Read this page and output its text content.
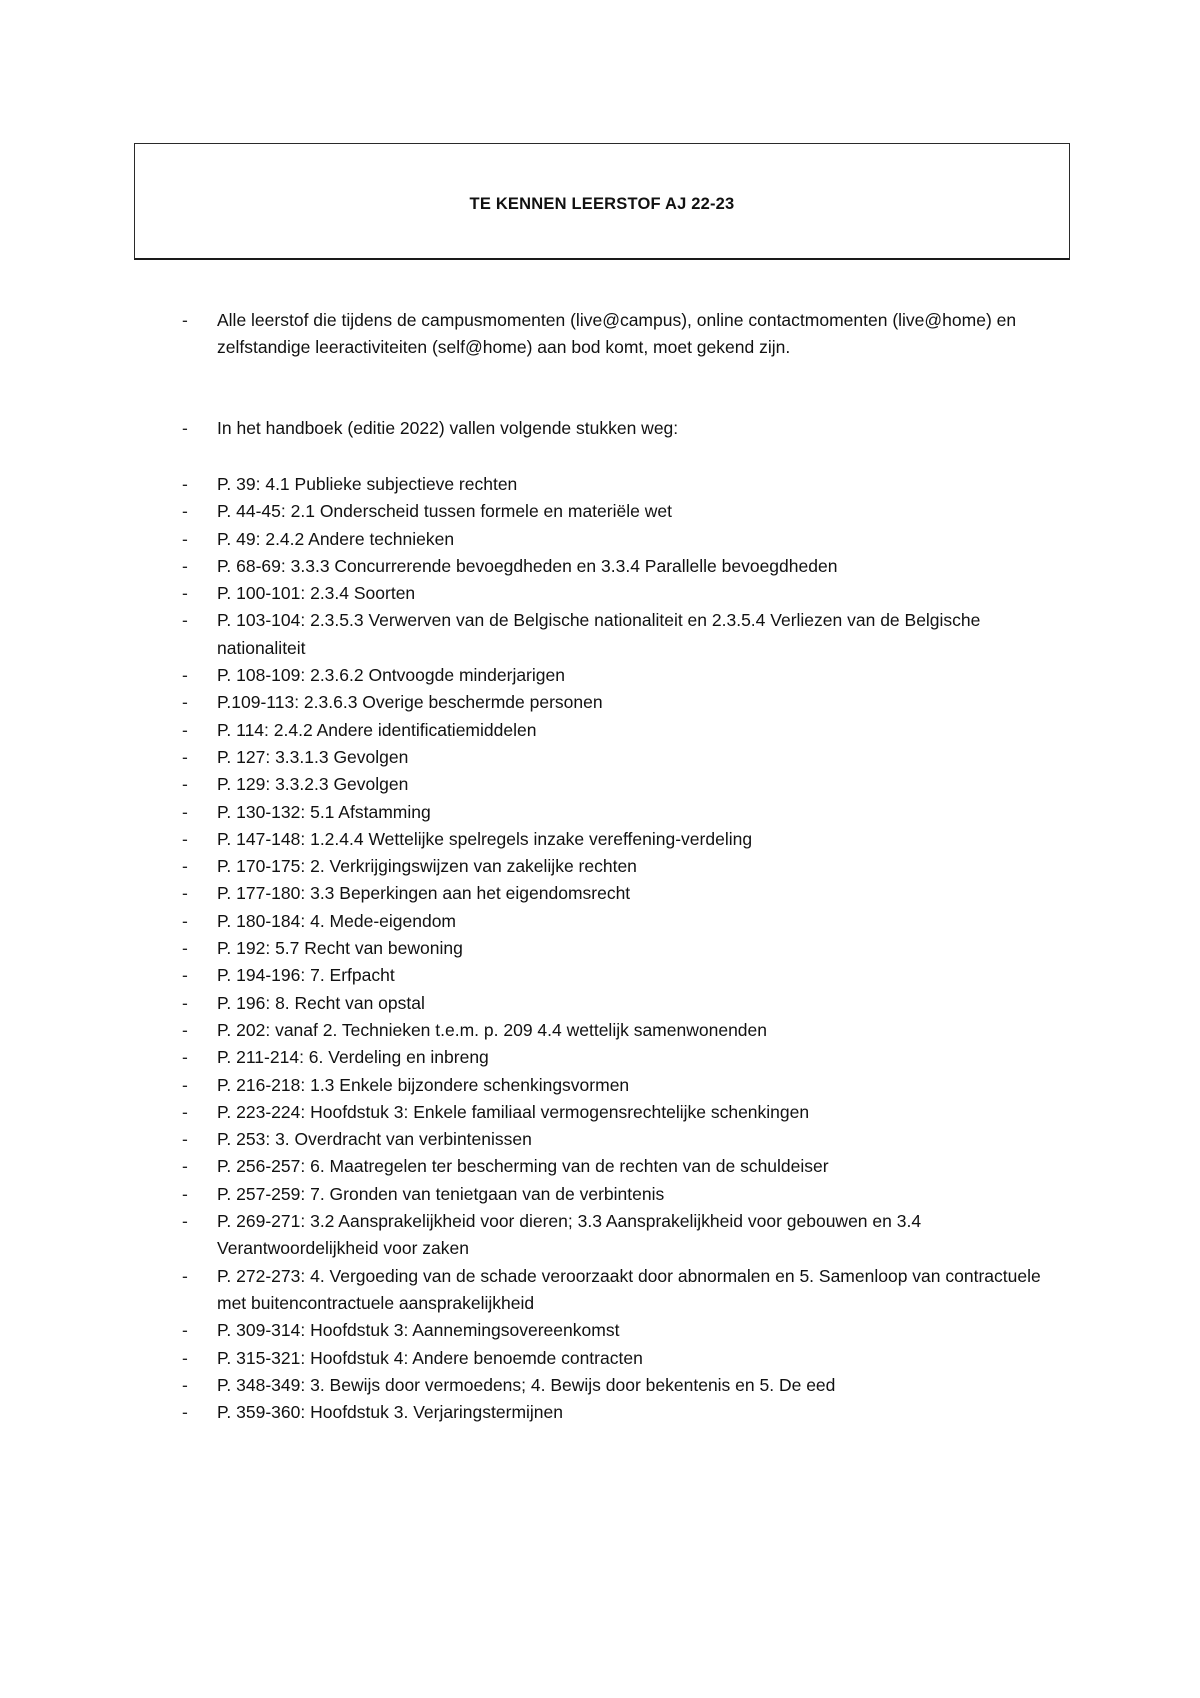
TE KENNEN LEERSTOF AJ 22-23
-	Alle leerstof die tijdens de campusmomenten (live@campus), online contactmomenten (live@home) en zelfstandige leeractiviteiten (self@home) aan bod komt, moet gekend zijn.
-	In het handboek (editie 2022) vallen volgende stukken weg:
-	P. 39: 4.1 Publieke subjectieve rechten
-	P. 44-45: 2.1 Onderscheid tussen formele en materiële wet
-	P. 49: 2.4.2 Andere technieken
-	P. 68-69: 3.3.3 Concurrerende bevoegdheden en 3.3.4 Parallelle bevoegdheden
-	P. 100-101: 2.3.4 Soorten
-	P. 103-104: 2.3.5.3 Verwerven van de Belgische nationaliteit en 2.3.5.4 Verliezen van de Belgische nationaliteit
-	P. 108-109: 2.3.6.2 Ontvoogde minderjarigen
-	P.109-113: 2.3.6.3 Overige beschermde personen
-	P. 114: 2.4.2 Andere identificatiemiddelen
-	P. 127: 3.3.1.3 Gevolgen
-	P. 129: 3.3.2.3 Gevolgen
-	P. 130-132: 5.1 Afstamming
-	P. 147-148: 1.2.4.4 Wettelijke spelregels inzake vereffening-verdeling
-	P. 170-175: 2. Verkrijgingswijzen van zakelijke rechten
-	P. 177-180: 3.3 Beperkingen aan het eigendomsrecht
-	P. 180-184: 4. Mede-eigendom
-	P. 192: 5.7 Recht van bewoning
-	P. 194-196: 7. Erfpacht
-	P. 196: 8. Recht van opstal
-	P. 202: vanaf 2. Technieken t.e.m. p. 209 4.4 wettelijk samenwonenden
-	P. 211-214: 6. Verdeling en inbreng
-	P. 216-218: 1.3 Enkele bijzondere schenkingsvormen
-	P. 223-224: Hoofdstuk 3: Enkele familiaal vermogensrechtelijke schenkingen
-	P. 253: 3. Overdracht van verbintenissen
-	P. 256-257: 6. Maatregelen ter bescherming van de rechten van de schuldeiser
-	P. 257-259: 7. Gronden van tenietgaan van de verbintenis
-	P. 269-271: 3.2 Aansprakelijkheid voor dieren; 3.3 Aansprakelijkheid voor gebouwen en 3.4 Verantwoordelijkheid voor zaken
-	P. 272-273: 4. Vergoeding van de schade veroorzaakt door abnormalen en 5. Samenloop van contractuele met buitencontractuele aansprakelijkheid
-	P. 309-314: Hoofdstuk 3: Aannemingsovereenkomst
-	P. 315-321: Hoofdstuk 4: Andere benoemde contracten
-	P. 348-349: 3. Bewijs door vermoedens; 4. Bewijs door bekentenis en 5. De eed
-	P. 359-360: Hoofdstuk 3. Verjaringstermijnen
